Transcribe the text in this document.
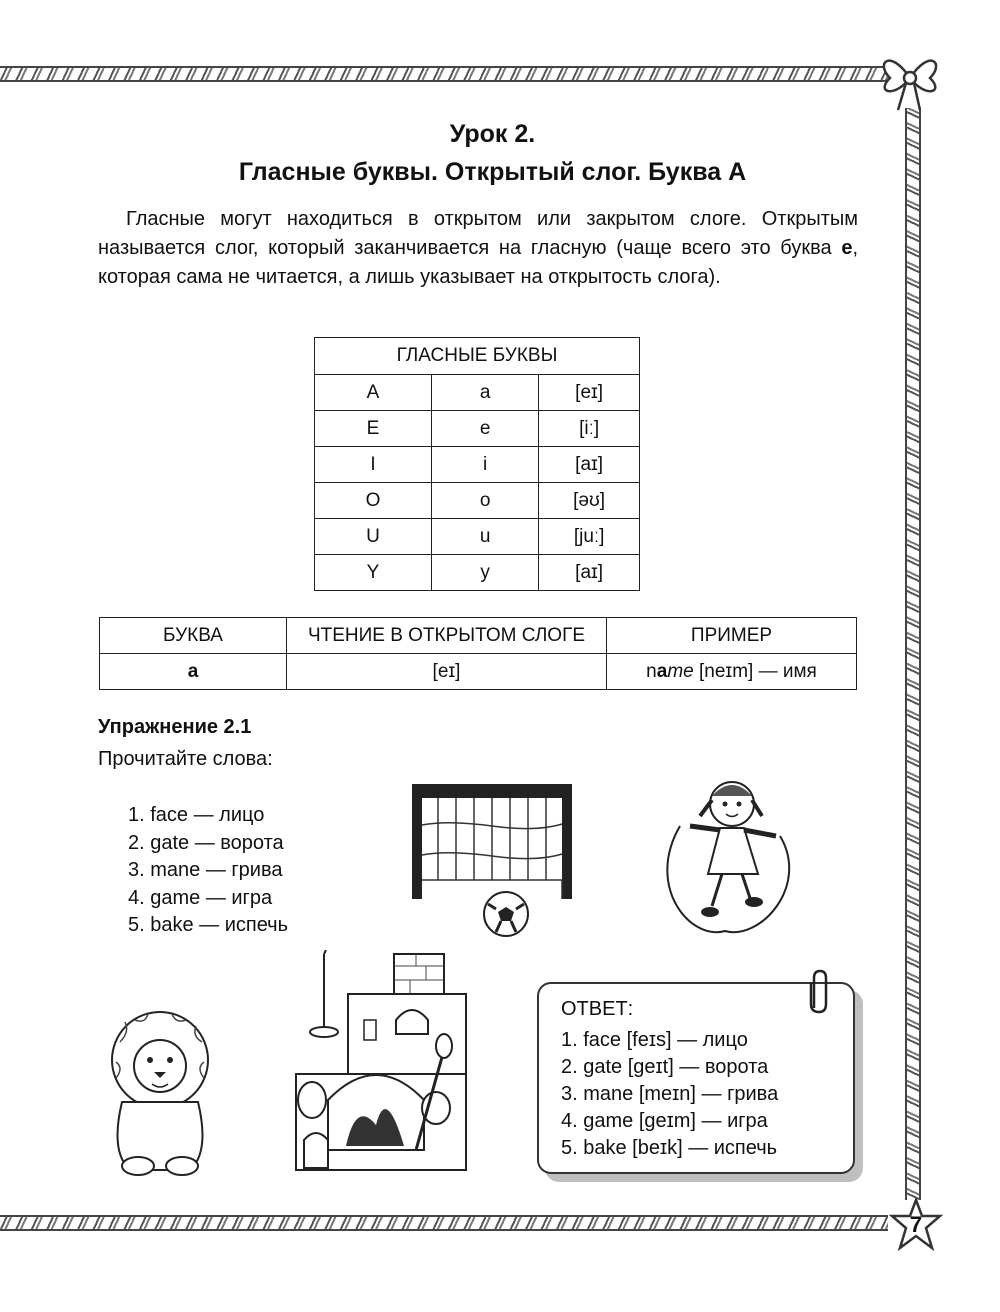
Урок 2.
Гласные буквы. Открытый слог. Буква А

Гласные могут находиться в открытом или закрытом слоге. Открытым называется слог, который заканчивается на гласную (чаще всего это буква e, которая сама не читается, а лишь указывает на открытость слога).

ГЛАСНЫЕ БУКВЫ		
A	a	[eɪ]
E	e	[iː]
I	i	[aɪ]
O	o	[əʊ]
U	u	[juː]
Y	y	[aɪ]
БУКВА	ЧТЕНИЕ В ОТКРЫТОМ СЛОГЕ	ПРИМЕР
a	[eɪ]	name [neɪm] — имя

Упражнение 2.1

Прочитайте слова:

1. face — лицо
2. gate — ворота
3. mane — грива
4. game — игра
5. bake — испечь

ОТВЕТ:

1. face [feɪs] — лицо
2. gate [geɪt] — ворота
3. mane [meɪn] — грива
4. game [geɪm] — игра
5. bake [beɪk] — испечь
7
